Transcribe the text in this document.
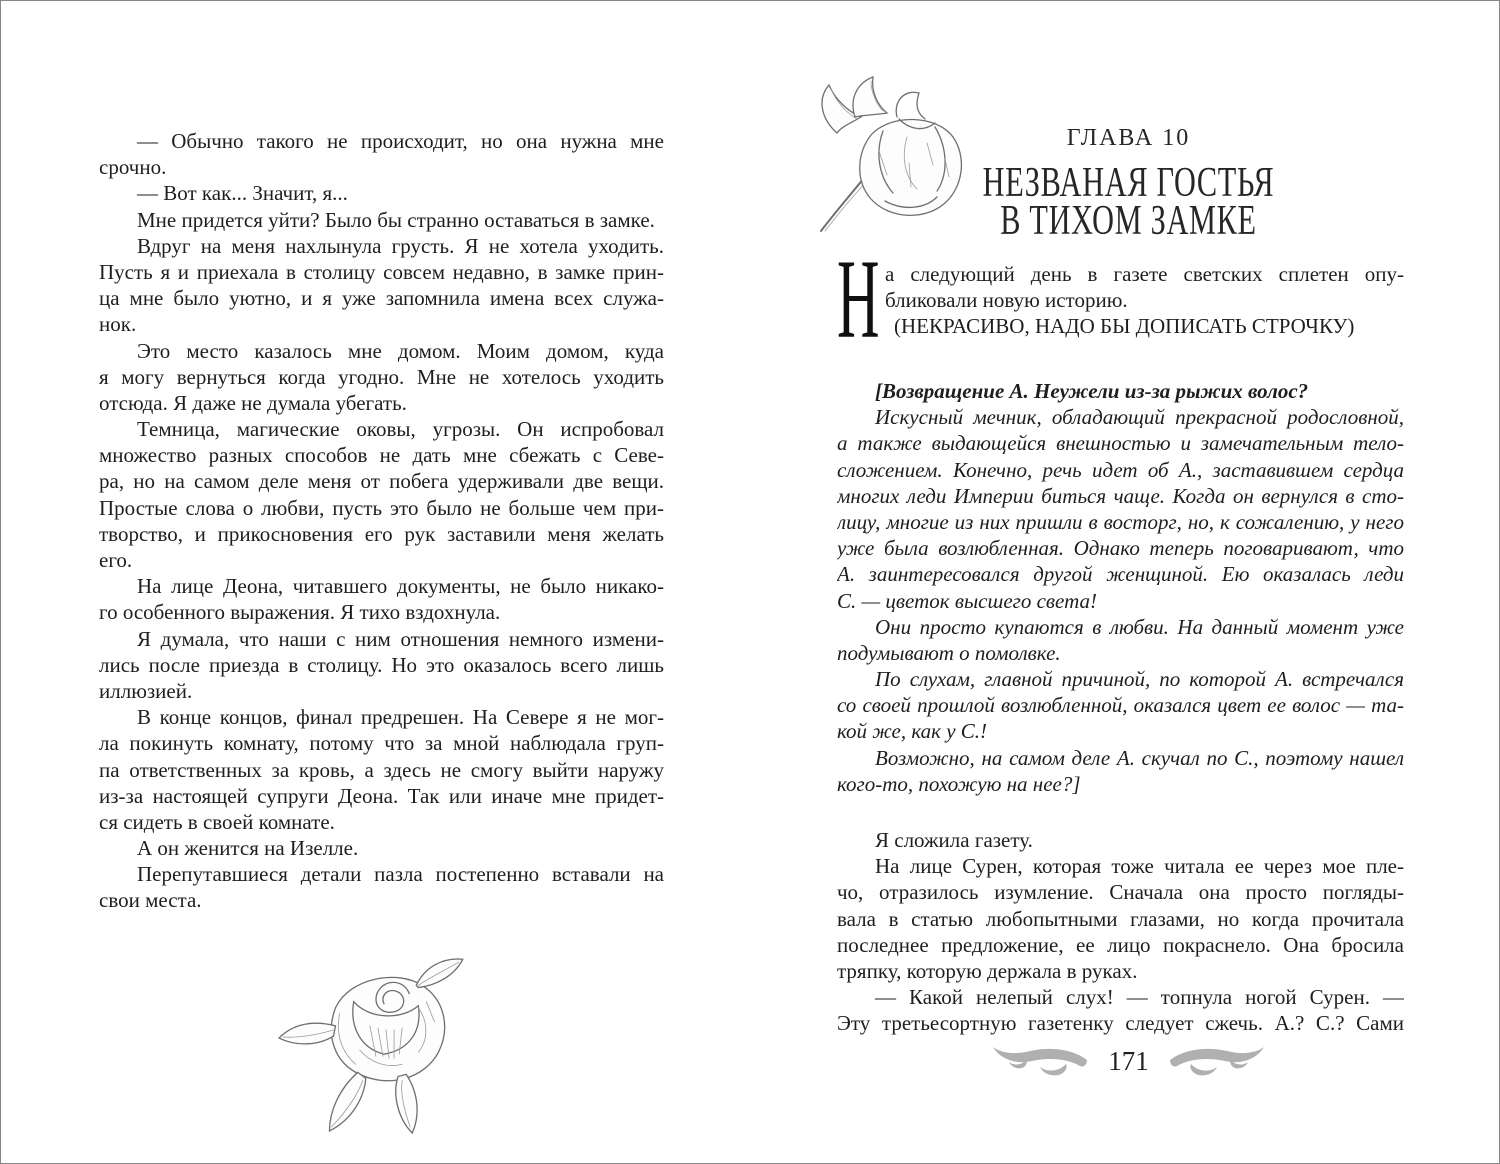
— Обычно такого не происходит, но она нужна мне
срочно.
— Вот как... Значит, я...
Мне придется уйти? Было бы странно оставаться в замке.
Вдруг на меня нахлынула грусть. Я не хотела уходить.
Пусть я и приехала в столицу совсем недавно, в замке прин-
ца мне было уютно, и я уже запомнила имена всех служа-
нок.
Это место казалось мне домом. Моим домом, куда
я могу вернуться когда угодно. Мне не хотелось уходить
отсюда. Я даже не думала убегать.
Темница, магические оковы, угрозы. Он испробовал
множество разных способов не дать мне сбежать с Севе-
ра, но на самом деле меня от побега удерживали две вещи.
Простые слова о любви, пусть это было не больше чем при-
творство, и прикосновения его рук заставили меня желать
его.
На лице Деона, читавшего документы, не было никако-
го особенного выражения. Я тихо вздохнула.
Я думала, что наши с ним отношения немного измени-
лись после приезда в столицу. Но это оказалось всего лишь
иллюзией.
В конце концов, финал предрешен. На Севере я не мог-
ла покинуть комнату, потому что за мной наблюдала груп-
па ответственных за кровь, а здесь не смогу выйти наружу
из-за настоящей супруги Деона. Так или иначе мне придет-
ся сидеть в своей комнате.
А он женится на Изелле.
Перепутавшиеся детали пазла постепенно вставали на
свои места.
ГЛАВА 10
НЕЗВАНАЯ ГОСТЬЯ
В ТИХОМ ЗАМКЕ
Н а следующий день в газете светских сплетен опу-
бликовали новую историю.
(НЕКРАСИВО, НАДО БЫ ДОПИСАТЬ СТРОЧКУ)
[Возвращение А. Неужели из-за рыжих волос?
Искусный мечник, обладающий прекрасной родословной,
а также выдающейся внешностью и замечательным тело-
сложением. Конечно, речь идет об А., заставившем сердца
многих леди Империи биться чаще. Когда он вернулся в сто-
лицу, многие из них пришли в восторг, но, к сожалению, у него
уже была возлюбленная. Однако теперь поговаривают, что
А. заинтересовался другой женщиной. Ею оказалась леди
С. — цветок высшего света!
Они просто купаются в любви. На данный момент уже
подумывают о помолвке.
По слухам, главной причиной, по которой А. встречался
со своей прошлой возлюбленной, оказался цвет ее волос — та-
кой же, как у С.!
Возможно, на самом деле А. скучал по С., поэтому нашел
кого-то, похожую на нее?]
Я сложила газету.
На лице Сурен, которая тоже читала ее через мое пле-
чо, отразилось изумление. Сначала она просто погляды-
вала в статью любопытными глазами, но когда прочитала
последнее предложение, ее лицо покраснело. Она бросила
тряпку, которую держала в руках.
— Какой нелепый слух! — топнула ногой Сурен. —
Эту третьесортную газетенку следует сжечь. А.? С.? Сами
171
